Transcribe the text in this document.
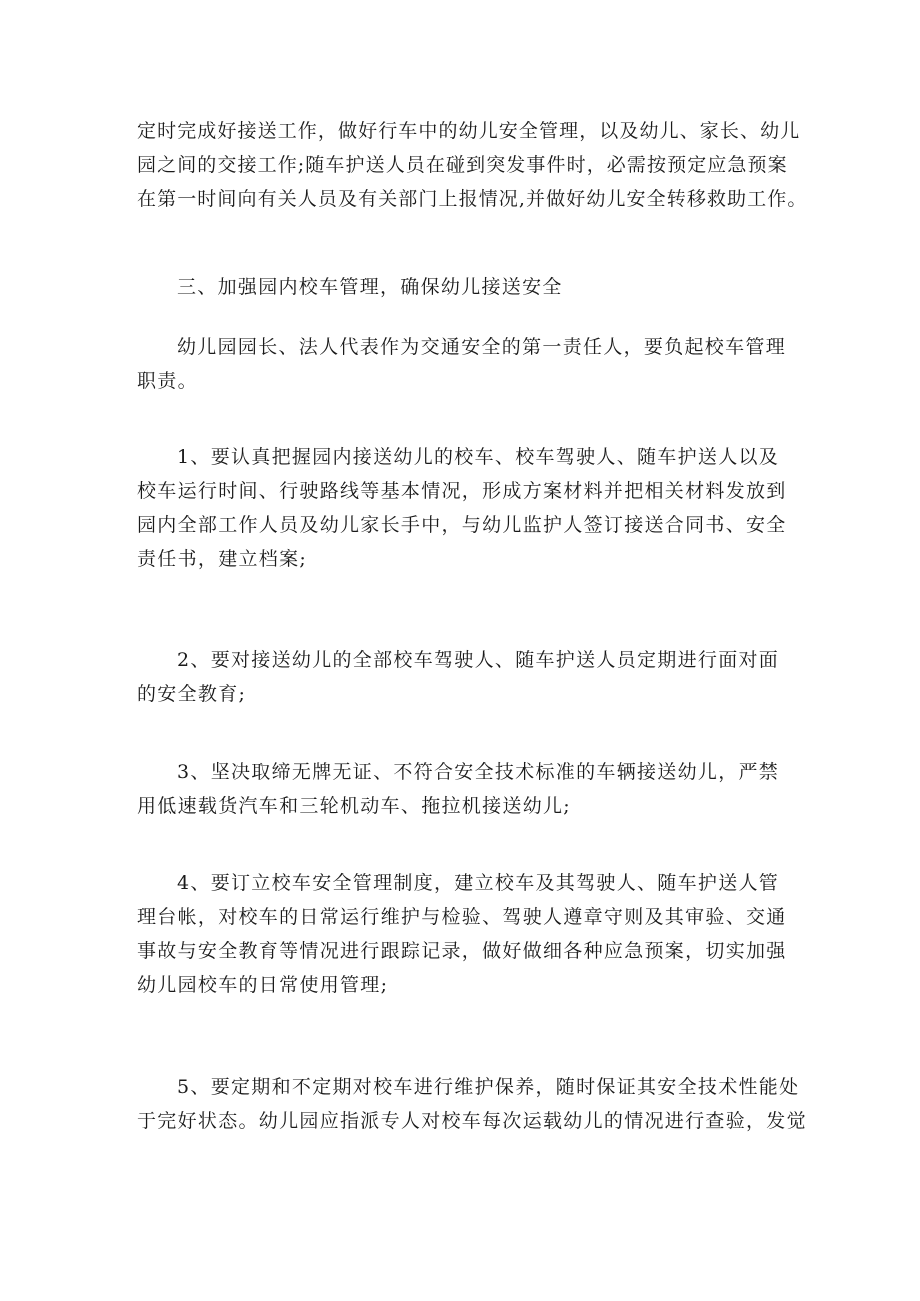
定时完成好接送工作，做好行车中的幼儿安全管理，以及幼儿、家长、幼儿
园之间的交接工作;随车护送人员在碰到突发事件时，必需按预定应急预案
在第一时间向有关人员及有关部门上报情况,并做好幼儿安全转移救助工作。
三、加强园内校车管理，确保幼儿接送安全
幼儿园园长、法人代表作为交通安全的第一责任人，要负起校车管理
职责。
1、要认真把握园内接送幼儿的校车、校车驾驶人、随车护送人以及
校车运行时间、行驶路线等基本情况，形成方案材料并把相关材料发放到
园内全部工作人员及幼儿家长手中，与幼儿监护人签订接送合同书、安全
责任书，建立档案;
2、要对接送幼儿的全部校车驾驶人、随车护送人员定期进行面对面
的安全教育;
3、坚决取缔无牌无证、不符合安全技术标准的车辆接送幼儿，严禁
用低速载货汽车和三轮机动车、拖拉机接送幼儿;
4、要订立校车安全管理制度，建立校车及其驾驶人、随车护送人管
理台帐，对校车的日常运行维护与检验、驾驶人遵章守则及其审验、交通
事故与安全教育等情况进行跟踪记录，做好做细各种应急预案，切实加强
幼儿园校车的日常使用管理;
5、要定期和不定期对校车进行维护保养，随时保证其安全技术性能处
于完好状态。幼儿园应指派专人对校车每次运载幼儿的情况进行查验，发觉
